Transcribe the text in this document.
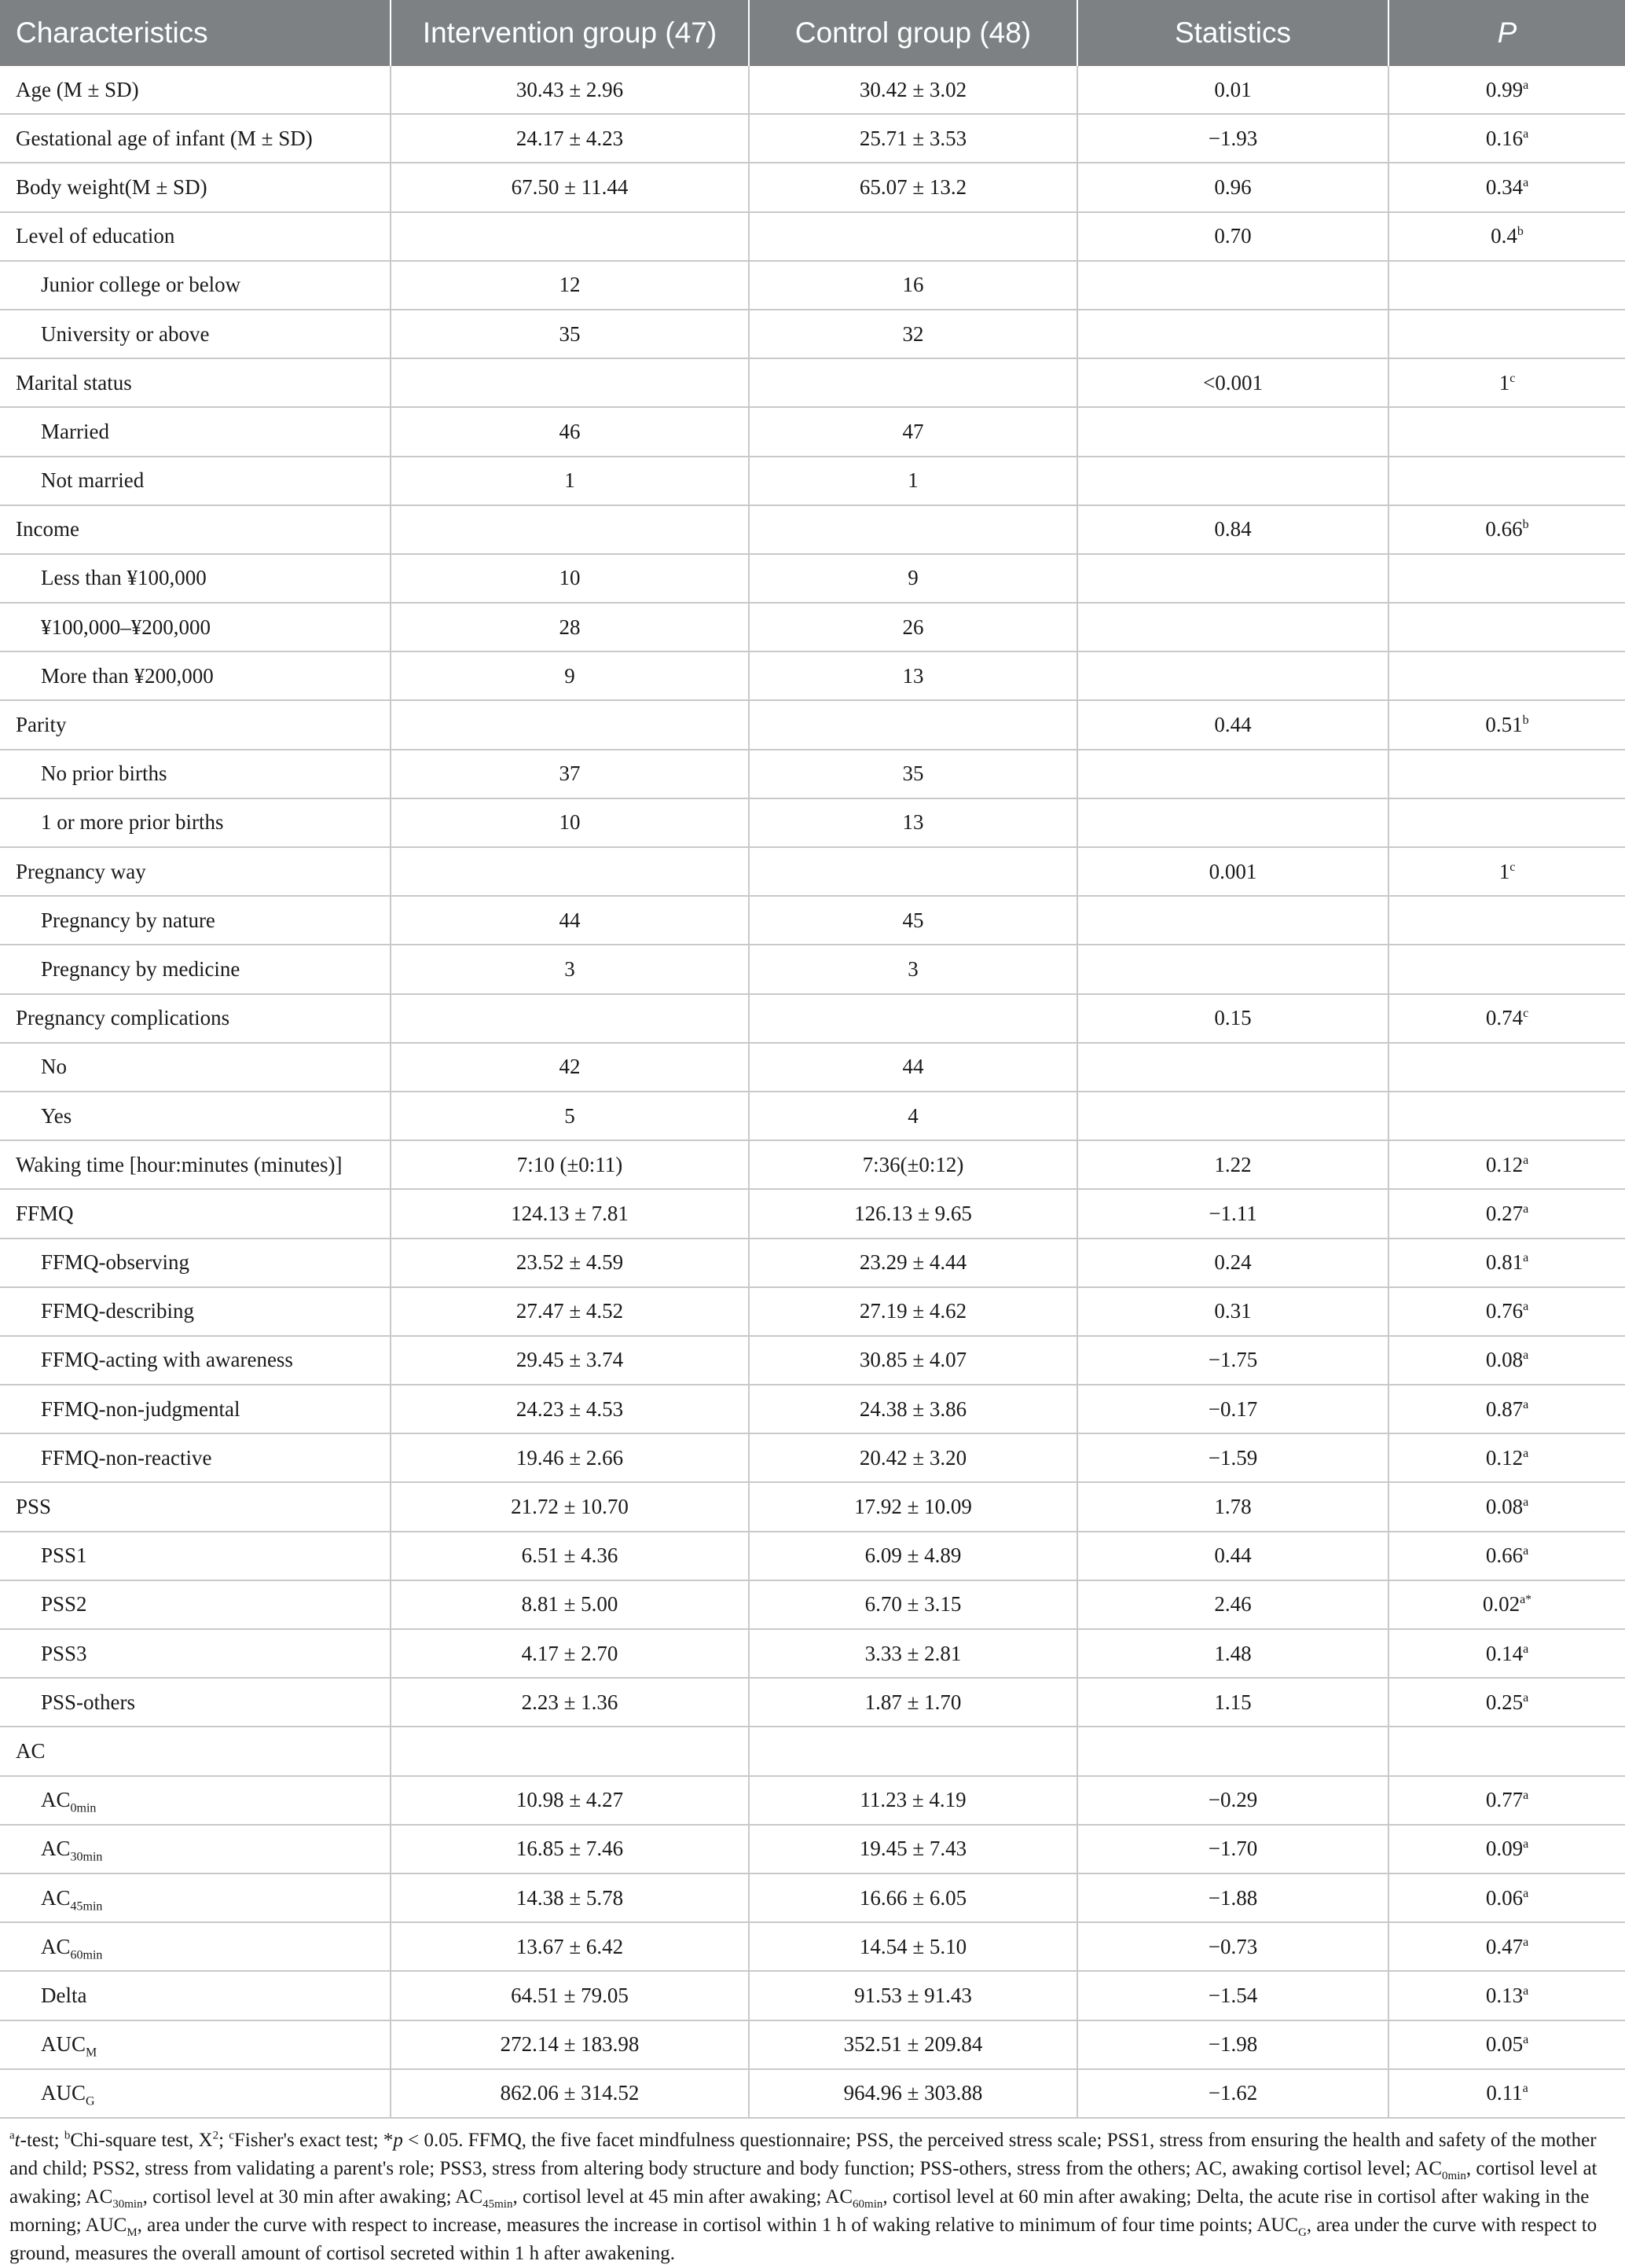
Characteristics	Intervention group (47)	Control group (48)	Statistics	P
Age (M ± SD)	30.43 ± 2.96	30.42 ± 3.02	0.01	0.99$^a$
Gestational age of infant (M ± SD)	24.17 ± 4.23	25.71 ± 3.53	−1.93	0.16$^a$
Body weight(M ± SD)	67.50 ± 11.44	65.07 ± 13.2	0.96	0.34$^a$
Level of education			0.70	0.4$^b$
Junior college or below	12	16		
University or above	35	32		
Marital status			<0.001	1$^c$
Married	46	47		
Not married	1	1		
Income			0.84	0.66$^b$
Less than ¥100,000	10	9		
¥100,000–¥200,000	28	26		
More than ¥200,000	9	13		
Parity			0.44	0.51$^b$
No prior births	37	35		
1 or more prior births	10	13		
Pregnancy way			0.001	1$^c$
Pregnancy by nature	44	45		
Pregnancy by medicine	3	3		
Pregnancy complications			0.15	0.74$^c$
No	42	44		
Yes	5	4		
Waking time [hour:minutes (minutes)]	7:10 (±0:11)	7:36(±0:12)	1.22	0.12$^a$
FFMQ	124.13 ± 7.81	126.13 ± 9.65	−1.11	0.27$^a$
FFMQ-observing	23.52 ± 4.59	23.29 ± 4.44	0.24	0.81$^a$
FFMQ-describing	27.47 ± 4.52	27.19 ± 4.62	0.31	0.76$^a$
FFMQ-acting with awareness	29.45 ± 3.74	30.85 ± 4.07	−1.75	0.08$^a$
FFMQ-non-judgmental	24.23 ± 4.53	24.38 ± 3.86	−0.17	0.87$^a$
FFMQ-non-reactive	19.46 ± 2.66	20.42 ± 3.20	−1.59	0.12$^a$
PSS	21.72 ± 10.70	17.92 ± 10.09	1.78	0.08$^a$
PSS1	6.51 ± 4.36	6.09 ± 4.89	0.44	0.66$^a$
PSS2	8.81 ± 5.00	6.70 ± 3.15	2.46	$0.02^{a*}$
PSS3	4.17 ± 2.70	3.33 ± 2.81	1.48	0.14$^a$
PSS-others	2.23 ± 1.36	1.87 ± 1.70	1.15	0.25$^a$
AC				
$AC_{0min}$	10.98 ± 4.27	11.23 ± 4.19	−0.29	0.77$^a$
$AC_{30min}$	16.85 ± 7.46	19.45 ± 7.43	−1.70	0.09$^a$
$AC_{45min}$	14.38 ± 5.78	16.66 ± 6.05	−1.88	0.06$^a$
$AC_{60min}$	13.67 ± 6.42	14.54 ± 5.10	−0.73	0.47$^a$
Delta	64.51 ± 79.05	91.53 ± 91.43	−1.54	0.13$^a$
$AUC_M$	272.14 ± 183.98	352.51 ± 209.84	−1.98	0.05$^a$
$AUC_G$	862.06 ± 314.52	964.96 ± 303.88	−1.62	0.11$^a$

$^a$t-test; $^b$Chi-square test, $X^2$; $^c$Fisher's exact test; *p < 0.05. FFMQ, the five facet mindfulness questionnaire; PSS, the perceived stress scale; PSS1, stress from ensuring the health and safety of the mother and child; PSS2, stress from validating a parent's role; PSS3, stress from altering body structure and body function; PSS-others, stress from the others; AC, awaking cortisol level; $AC_{0min}$, cortisol level at awaking; $AC_{30min}$, cortisol level at 30 min after awaking; $AC_{45min}$, cortisol level at 45 min after awaking; $AC_{60min}$, cortisol level at 60 min after awaking; Delta, the acute rise in cortisol after waking in the morning; $AUC_M$, area under the curve with respect to increase, measures the increase in cortisol within 1 h of waking relative to minimum of four time points; $AUC_G$, area under the curve with respect to ground, measures the overall amount of cortisol secreted within 1 h after awakening.
